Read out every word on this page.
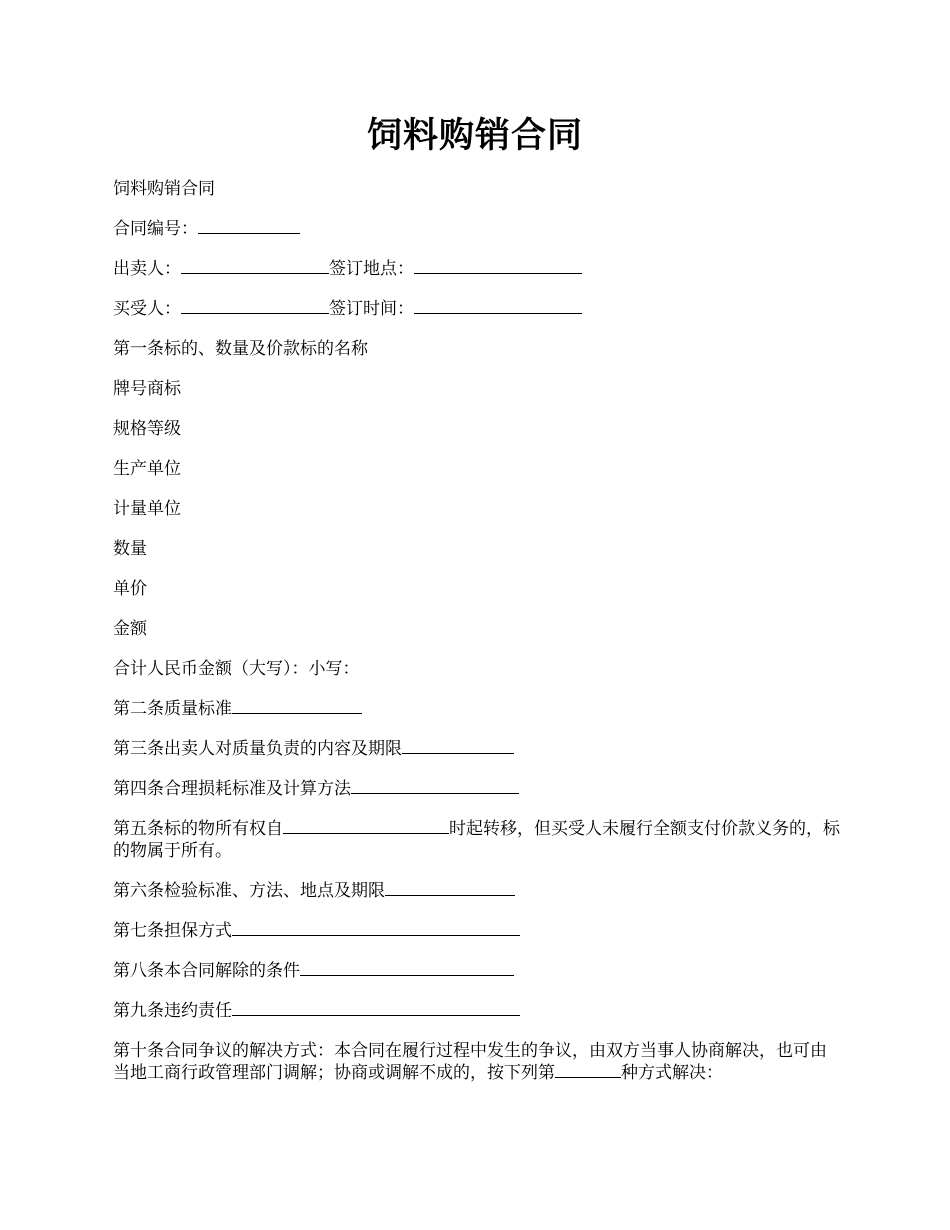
饲料购销合同
饲料购销合同
合同编号：
出卖人：	签订地点：
买受人：	签订时间：
第一条标的、数量及价款标的名称
牌号商标
规格等级
生产单位
计量单位
数量
单价
金额
合计人民币金额（大写）：小写：
第二条质量标准
第三条出卖人对质量负责的内容及期限
第四条合理损耗标准及计算方法
第五条标的物所有权自	时起转移，但买受人未履行全额支付价款义务的，标的物属于所有。
第六条检验标准、方法、地点及期限
第七条担保方式
第八条本合同解除的条件
第九条违约责任
第十条合同争议的解决方式：本合同在履行过程中发生的争议，由双方当事人协商解决，也可由当地工商行政管理部门调解；协商或调解不成的，按下列第	种方式解决：
